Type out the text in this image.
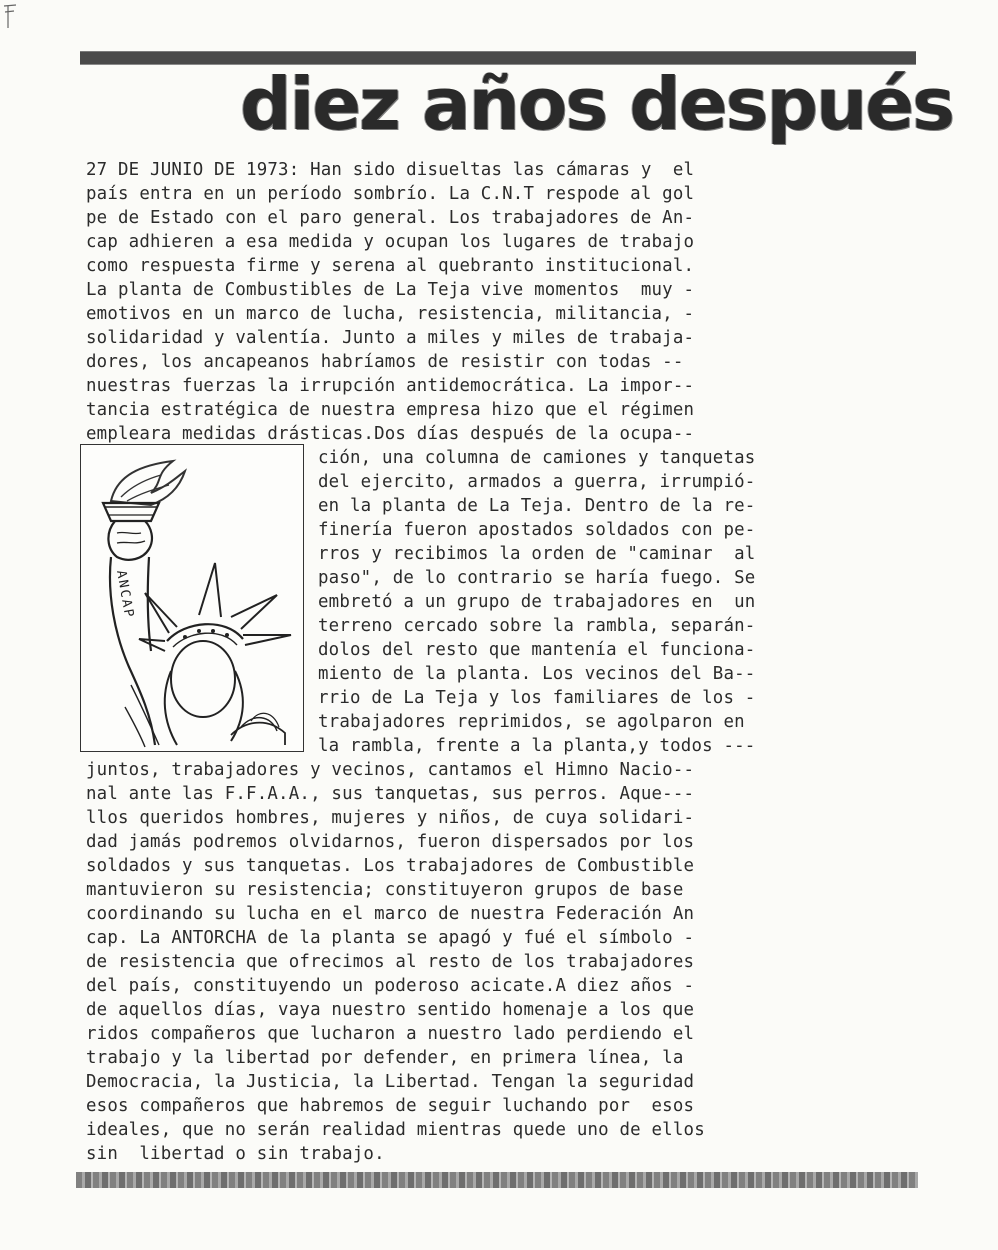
diez años después
27 DE JUNIO DE 1973: Han sido disueltas las cámaras y  el
país entra en un período sombrío. La C.N.T respode al gol
pe de Estado con el paro general. Los trabajadores de An-
cap adhieren a esa medida y ocupan los lugares de trabajo
como respuesta firme y serena al quebranto institucional.
La planta de Combustibles de La Teja vive momentos  muy -
emotivos en un marco de lucha, resistencia, militancia, -
solidaridad y valentía. Junto a miles y miles de trabaja-
dores, los ancapeanos habríamos de resistir con todas --
nuestras fuerzas la irrupción antidemocrática. La impor--
tancia estratégica de nuestra empresa hizo que el régimen
empleara medidas drásticas.Dos días después de la ocupa--
ANCAP
ción, una columna de camiones y tanquetas
del ejercito, armados a guerra, irrumpió-
en la planta de La Teja. Dentro de la re-
finería fueron apostados soldados con pe-
rros y recibimos la orden de "caminar  al
paso", de lo contrario se haría fuego. Se
embretó a un grupo de trabajadores en  un
terreno cercado sobre la rambla, separán-
dolos del resto que mantenía el funciona-
miento de la planta. Los vecinos del Ba--
rrio de La Teja y los familiares de los -
trabajadores reprimidos, se agolparon en
la rambla, frente a la planta,y todos ---
juntos, trabajadores y vecinos, cantamos el Himno Nacio--
nal ante las F.F.A.A., sus tanquetas, sus perros. Aque---
llos queridos hombres, mujeres y niños, de cuya solidari-
dad jamás podremos olvidarnos, fueron dispersados por los
soldados y sus tanquetas. Los trabajadores de Combustible
mantuvieron su resistencia; constituyeron grupos de base
coordinando su lucha en el marco de nuestra Federación An
cap. La ANTORCHA de la planta se apagó y fué el símbolo -
de resistencia que ofrecimos al resto de los trabajadores
del país, constituyendo un poderoso acicate.A diez años -
de aquellos días, vaya nuestro sentido homenaje a los que
ridos compañeros que lucharon a nuestro lado perdiendo el
trabajo y la libertad por defender, en primera línea, la
Democracia, la Justicia, la Libertad. Tengan la seguridad
esos compañeros que habremos de seguir luchando por  esos
ideales, que no serán realidad mientras quede uno de ellos
sin  libertad o sin trabajo.
